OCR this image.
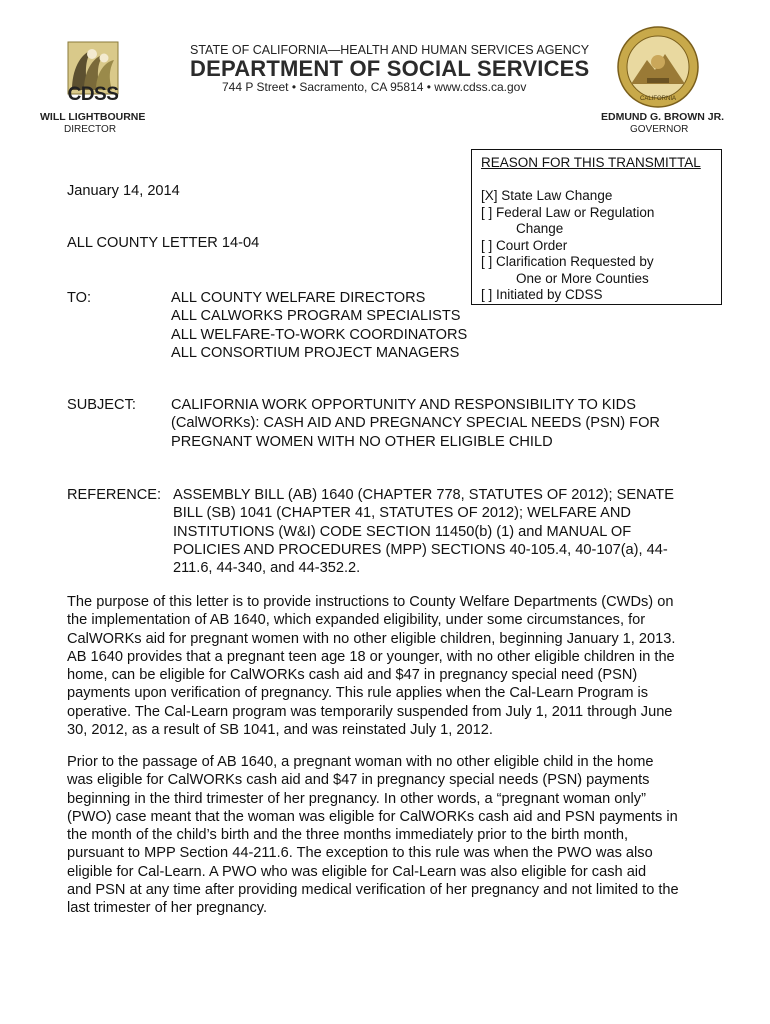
CDSS
WILL LIGHTBOURNE
DIRECTOR
STATE OF CALIFORNIA—HEALTH AND HUMAN SERVICES AGENCY
DEPARTMENT OF SOCIAL SERVICES
744 P Street • Sacramento, CA 95814 • www.cdss.ca.gov
CALIFORNIA
EDMUND G. BROWN JR.
GOVERNOR
REASON FOR THIS TRANSMITTAL
[X] State Law Change
[ ] Federal Law or Regulation
Change
[ ] Court Order
[ ] Clarification Requested by
One or More Counties
[ ] Initiated by CDSS
January 14, 2014
ALL COUNTY LETTER 14-04
TO:	ALL COUNTY WELFARE DIRECTORS
ALL CALWORKS PROGRAM SPECIALISTS
ALL WELFARE-TO-WORK COORDINATORS
ALL CONSORTIUM PROJECT MANAGERS
SUBJECT: CALIFORNIA WORK OPPORTUNITY AND RESPONSIBILITY TO KIDS
(CalWORKs): CASH AID AND PREGNANCY SPECIAL NEEDS (PSN) FOR
PREGNANT WOMEN WITH NO OTHER ELIGIBLE CHILD
REFERENCE: ASSEMBLY BILL (AB) 1640 (CHAPTER 778, STATUTES OF 2012); SENATE
BILL (SB) 1041 (CHAPTER 41, STATUTES OF 2012); WELFARE AND
INSTITUTIONS (W&I) CODE SECTION 11450(b) (1) and MANUAL OF
POLICIES AND PROCEDURES (MPP) SECTIONS 40-105.4, 40-107(a), 44-
211.6, 44-340, and 44-352.2.
The purpose of this letter is to provide instructions to County Welfare Departments (CWDs) on
the implementation of AB 1640, which expanded eligibility, under some circumstances, for
CalWORKs aid for pregnant women with no other eligible children, beginning January 1, 2013.
AB 1640 provides that a pregnant teen age 18 or younger, with no other eligible children in the
home, can be eligible for CalWORKs cash aid and $47 in pregnancy special need (PSN)
payments upon verification of pregnancy. This rule applies when the Cal-Learn Program is
operative. The Cal-Learn program was temporarily suspended from July 1, 2011 through June
30, 2012, as a result of SB 1041, and was reinstated July 1, 2012.
Prior to the passage of AB 1640, a pregnant woman with no other eligible child in the home
was eligible for CalWORKs cash aid and $47 in pregnancy special needs (PSN) payments
beginning in the third trimester of her pregnancy. In other words, a “pregnant woman only”
(PWO) case meant that the woman was eligible for CalWORKs cash aid and PSN payments in
the month of the child’s birth and the three months immediately prior to the birth month,
pursuant to MPP Section 44-211.6. The exception to this rule was when the PWO was also
eligible for Cal-Learn. A PWO who was eligible for Cal-Learn was also eligible for cash aid
and PSN at any time after providing medical verification of her pregnancy and not limited to the
last trimester of her pregnancy.
